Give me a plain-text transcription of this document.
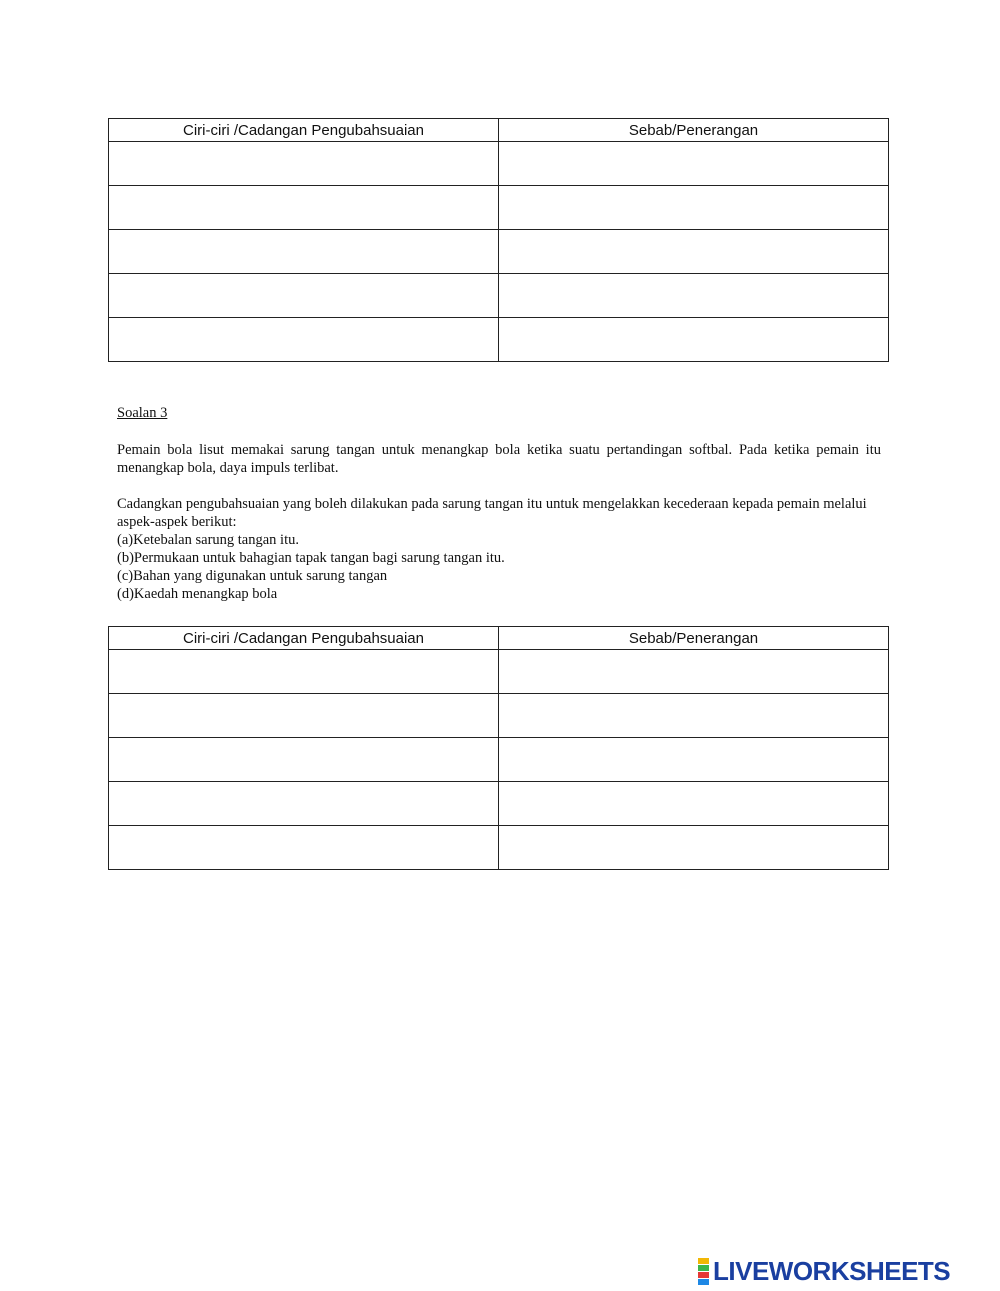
Ciri-ciri /Cadangan Pengubahsuaian	Sebab/Penerangan

Soalan 3
Pemain bola lisut memakai sarung tangan untuk menangkap bola ketika suatu pertandingan softbal. Pada ketika pemain itu menangkap bola, daya impuls terlibat.
Cadangkan pengubahsuaian yang boleh dilakukan pada sarung tangan itu untuk mengelakkan kecederaan kepada pemain melalui aspek-aspek berikut:
(a)Ketebalan sarung tangan itu.
(b)Permukaan untuk bahagian tapak tangan bagi sarung tangan itu.
(c)Bahan yang digunakan untuk sarung tangan
(d)Kaedah menangkap bola
Ciri-ciri /Cadangan Pengubahsuaian	Sebab/Penerangan

LIVEWORKSHEETS
